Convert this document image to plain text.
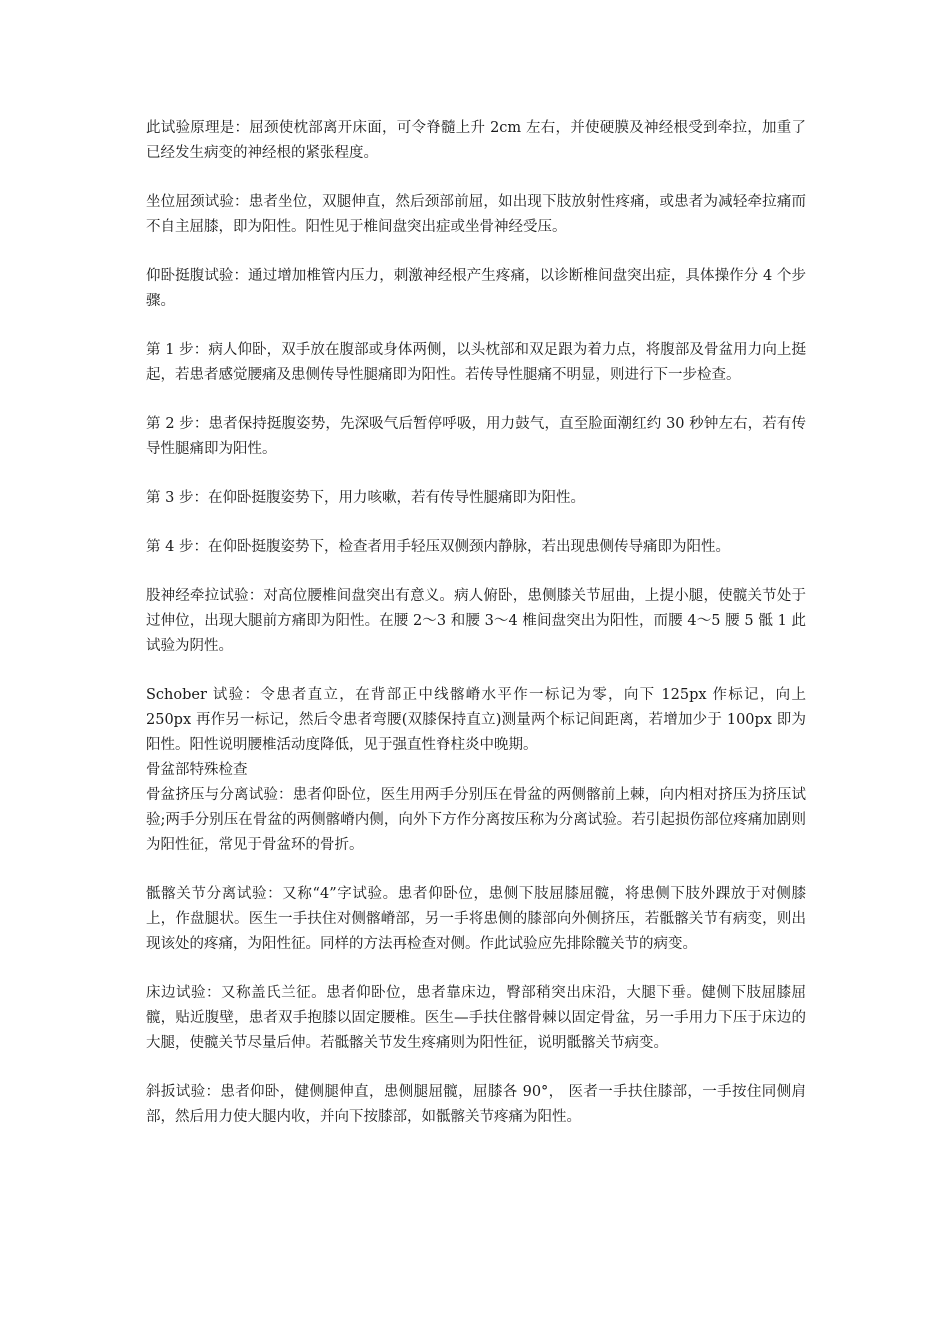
此试验原理是：屈颈使枕部离开床面，可令脊髓上升 2cm 左右，并使硬膜及神经根受到牵拉，加重了已经发生病变的神经根的紧张程度。

坐位屈颈试验：患者坐位，双腿伸直，然后颈部前屈，如出现下肢放射性疼痛，或患者为减轻牵拉痛而不自主屈膝，即为阳性。阳性见于椎间盘突出症或坐骨神经受压。

仰卧挺腹试验：通过增加椎管内压力，刺激神经根产生疼痛，以诊断椎间盘突出症，具体操作分 4 个步骤。

第 1 步：病人仰卧，双手放在腹部或身体两侧，以头枕部和双足跟为着力点，将腹部及骨盆用力向上挺起，若患者感觉腰痛及患侧传导性腿痛即为阳性。若传导性腿痛不明显，则进行下一步检查。

第 2 步：患者保持挺腹姿势，先深吸气后暂停呼吸，用力鼓气，直至脸面潮红约 30 秒钟左右，若有传导性腿痛即为阳性。

第 3 步：在仰卧挺腹姿势下，用力咳嗽，若有传导性腿痛即为阳性。

第 4 步：在仰卧挺腹姿势下，检查者用手轻压双侧颈内静脉，若出现患侧传导痛即为阳性。

股神经牵拉试验：对高位腰椎间盘突出有意义。病人俯卧，患侧膝关节屈曲，上提小腿，使髋关节处于过伸位，出现大腿前方痛即为阳性。在腰 2～3 和腰 3～4 椎间盘突出为阳性，而腰 4～5 腰 5 骶 1 此试验为阴性。

Schober 试验：令患者直立，在背部正中线髂嵴水平作一标记为零，向下 125px 作标记，向上 250px 再作另一标记，然后令患者弯腰(双膝保持直立)测量两个标记间距离，若增加少于 100px 即为阳性。阳性说明腰椎活动度降低，见于强直性脊柱炎中晚期。

骨盆部特殊检查

骨盆挤压与分离试验：患者仰卧位，医生用两手分别压在骨盆的两侧髂前上棘，向内相对挤压为挤压试验;两手分别压在骨盆的两侧髂嵴内侧，向外下方作分离按压称为分离试验。若引起损伤部位疼痛加剧则为阳性征，常见于骨盆环的骨折。

骶髂关节分离试验：又称“4”字试验。患者仰卧位，患侧下肢屈膝屈髋，将患侧下肢外踝放于对侧膝上，作盘腿状。医生一手扶住对侧髂嵴部，另一手将患侧的膝部向外侧挤压，若骶髂关节有病变，则出现该处的疼痛，为阳性征。同样的方法再检查对侧。作此试验应先排除髋关节的病变。

床边试验：又称盖氏兰征。患者仰卧位，患者靠床边，臀部稍突出床沿，大腿下垂。健侧下肢屈膝屈髋，贴近腹壁，患者双手抱膝以固定腰椎。医生—手扶住髂骨棘以固定骨盆，另一手用力下压于床边的大腿，使髋关节尽量后伸。若骶髂关节发生疼痛则为阳性征，说明骶髂关节病变。

斜扳试验：患者仰卧，健侧腿伸直，患侧腿屈髋，屈膝各 90°， 医者一手扶住膝部，一手按住同侧肩部，然后用力使大腿内收，并向下按膝部，如骶髂关节疼痛为阳性。
